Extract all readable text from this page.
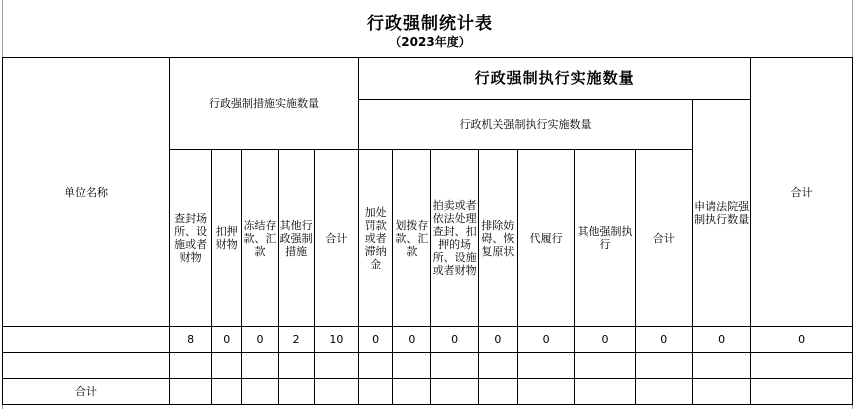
行政强制统计表
（2023年度）
单位名称	行政强制措施实施数量					行政强制执行实施数量								合计
						行政机关强制执行实施数量							申请法院强制执行数量	
	查封场所、设施或者财物	扣押财物	冻结存款、汇款	其他行政强制措施	合计	加处罚款或者滞纳金	划拨存款、汇款	拍卖或者依法处理查封、扣押的场所、设施或者财物	排除妨碍、恢复原状	代履行	其他强制执行	合计		
	8	0	0	2	10	0	0	0	0	0	0	0	0	0

合计														
